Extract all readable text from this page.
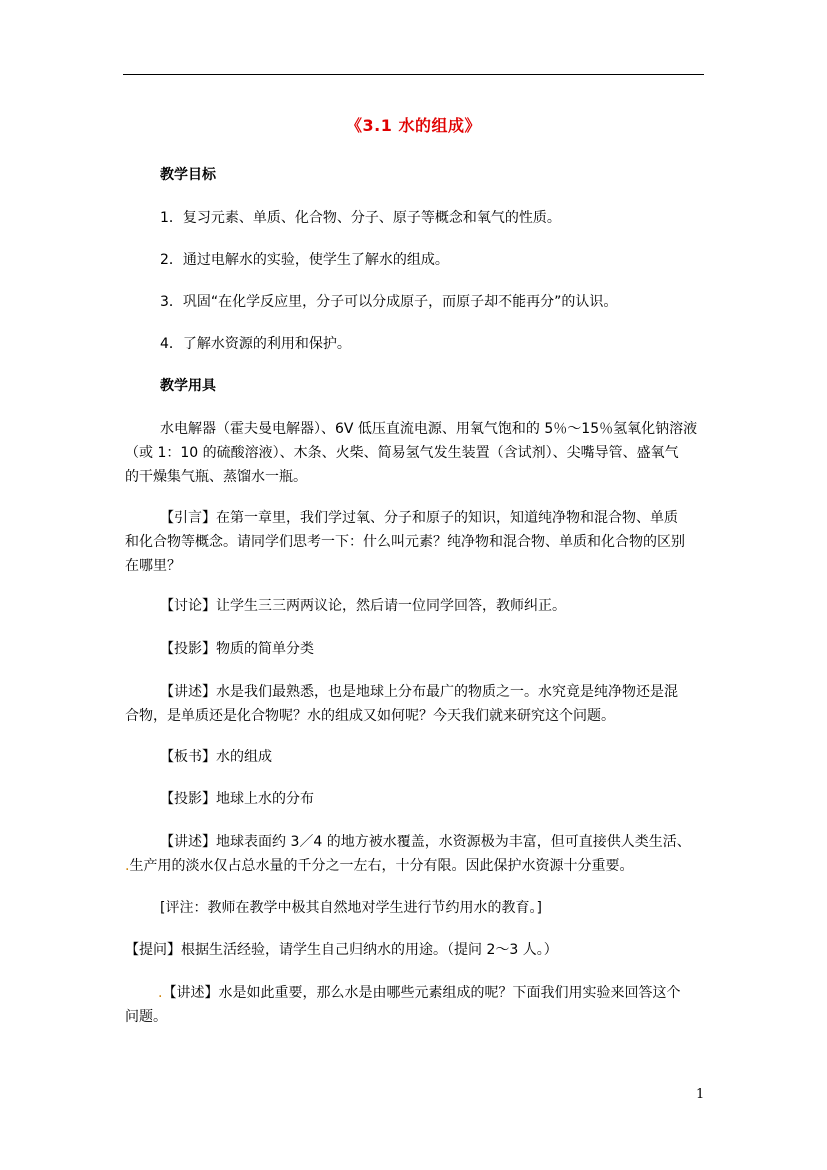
《3.1 水的组成》
教学目标
1．复习元素、单质、化合物、分子、原子等概念和氧气的性质。
2．通过电解水的实验，使学生了解水的组成。
3．巩固“在化学反应里，分子可以分成原子，而原子却不能再分”的认识。
4．了解水资源的利用和保护。
教学用具
水电解器（霍夫曼电解器）、6V 低压直流电源、用氧气饱和的 5％～15％氢氧化钠溶液
（或 1：10 的硫酸溶液）、木条、火柴、简易氢气发生装置（含试剂）、尖嘴导管、盛氧气
的干燥集气瓶、蒸馏水一瓶。
【引言】在第一章里，我们学过氧、分子和原子的知识，知道纯净物和混合物、单质
和化合物等概念。请同学们思考一下：什么叫元素？纯净物和混合物、单质和化合物的区别
在哪里？
【讨论】让学生三三两两议论，然后请一位同学回答，教师纠正。
【投影】物质的简单分类
【讲述】水是我们最熟悉，也是地球上分布最广的物质之一。水究竟是纯净物还是混
合物，是单质还是化合物呢？水的组成又如何呢？今天我们就来研究这个问题。
【板书】水的组成
【投影】地球上水的分布
【讲述】地球表面约 3／4 的地方被水覆盖，水资源极为丰富，但可直接供人类生活、
.生产用的淡水仅占总水量的千分之一左右，十分有限。因此保护水资源十分重要。
[评注：教师在教学中极其自然地对学生进行节约用水的教育。]
【提问】根据生活经验，请学生自己归纳水的用途。（提问 2～3 人。）
.【讲述】水是如此重要，那么水是由哪些元素组成的呢？下面我们用实验来回答这个
问题。
1
